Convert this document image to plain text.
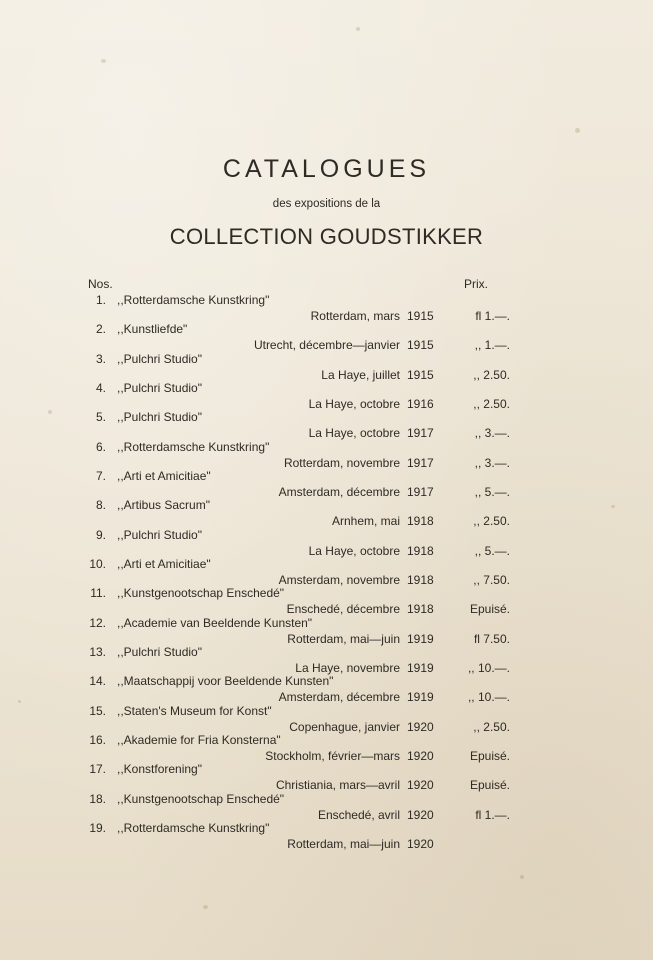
CATALOGUES
des expositions de la
COLLECTION GOUDSTIKKER
Nos.	Prix.
1. ,,Rotterdamsche Kunstkring"
Rotterdam, mars 1915	fl 1.—.
2. ,,Kunstliefde"
Utrecht, décembre—janvier 1915	,, 1.—.
3. ,,Pulchri Studio"
La Haye, juillet 1915	,, 2.50.
4. ,,Pulchri Studio"
La Haye, octobre 1916	,, 2.50.
5. ,,Pulchri Studio"
La Haye, octobre 1917	,, 3.—.
6. ,,Rotterdamsche Kunstkring"
Rotterdam, novembre 1917	,, 3.—.
7. ,,Arti et Amicitiae"
Amsterdam, décembre 1917	,, 5.—.
8. ,,Artibus Sacrum"
Arnhem, mai 1918	,, 2.50.
9. ,,Pulchri Studio"
La Haye, octobre 1918	,, 5.—.
10. ,,Arti et Amicitiae"
Amsterdam, novembre 1918	,, 7.50.
11. ,,Kunstgenootschap Enschedé"
Enschedé, décembre 1918	Epuisé.
12. ,,Academie van Beeldende Kunsten"
Rotterdam, mai—juin 1919	fl 7.50.
13. ,,Pulchri Studio"
La Haye, novembre 1919	,, 10.—.
14. ,,Maatschappij voor Beeldende Kunsten"
Amsterdam, décembre 1919	,, 10.—.
15. ,,Staten's Museum for Konst"
Copenhague, janvier 1920	,, 2.50.
16. ,,Akademie for Fria Konsterna"
Stockholm, février—mars 1920	Epuisé.
17. ,,Konstforening"
Christiania, mars—avril 1920	Epuisé.
18. ,,Kunstgenootschap Enschedé"
Enschedé, avril 1920	fl 1.—.
19. ,,Rotterdamsche Kunstkring"
Rotterdam, mai—juin 1920
